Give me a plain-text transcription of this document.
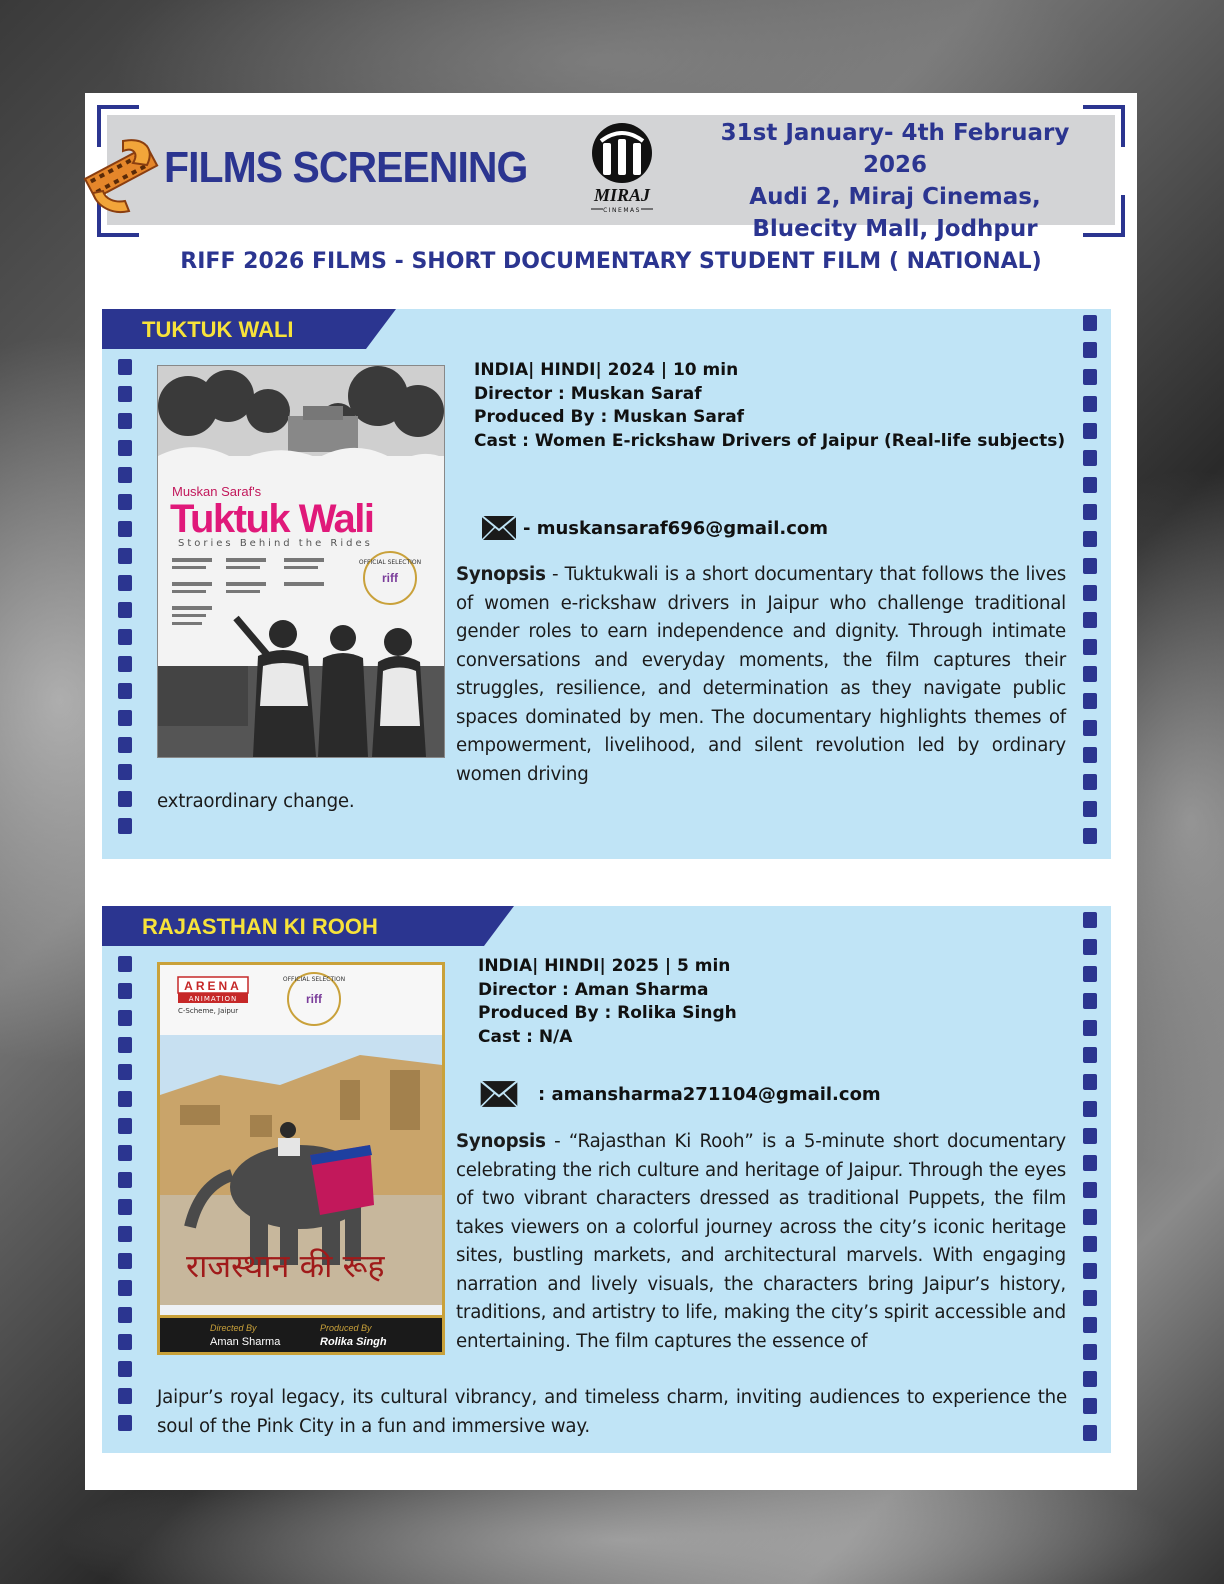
FILMS SCREENING
MIRAJ
CINEMAS
31st January- 4th February 2026
Audi 2, Miraj Cinemas,
Bluecity Mall, Jodhpur
RIFF 2026 FILMS - SHORT DOCUMENTARY STUDENT FILM ( NATIONAL)
TUKTUK WALI
Muskan Saraf's
Tuktuk Wali
Stories Behind the Rides
OFFICIAL SELECTION
riff
INDIA| HINDI| 2024 | 10 min
Director : Muskan Saraf
Produced By : Muskan Saraf
Cast : Women E-rickshaw Drivers of Jaipur (Real-life subjects)
- muskansaraf696@gmail.com
Synopsis - Tuktukwali is a short documentary that follows the lives of women e-rickshaw drivers in Jaipur who challenge traditional gender roles to earn independence and dignity. Through intimate conversations and everyday moments, the film captures their struggles, resilience, and determination as they navigate public spaces dominated by men. The documentary highlights themes of empowerment, livelihood, and silent revolution led by ordinary women driving
extraordinary change.
RAJASTHAN KI ROOH
ARENA
ANIMATION
C-Scheme, Jaipur
OFFICIAL SELECTION
riff
राजस्थान की रूह
Directed By
Aman Sharma
Produced By
Rolika Singh
INDIA| HINDI| 2025 | 5 min
Director : Aman Sharma
Produced By : Rolika Singh
Cast : N/A
: amansharma271104@gmail.com
Synopsis - “Rajasthan Ki Rooh” is a 5-minute short documentary celebrating the rich culture and heritage of Jaipur. Through the eyes of two vibrant characters dressed as traditional Puppets, the film takes viewers on a colorful journey across the city’s iconic heritage sites, bustling markets, and architectural marvels. With engaging narration and lively visuals, the characters bring Jaipur’s history, traditions, and artistry to life, making the city’s spirit accessible and entertaining. The film captures the essence of
Jaipur’s royal legacy, its cultural vibrancy, and timeless charm, inviting audiences to experience the soul of the Pink City in a fun and immersive way.
